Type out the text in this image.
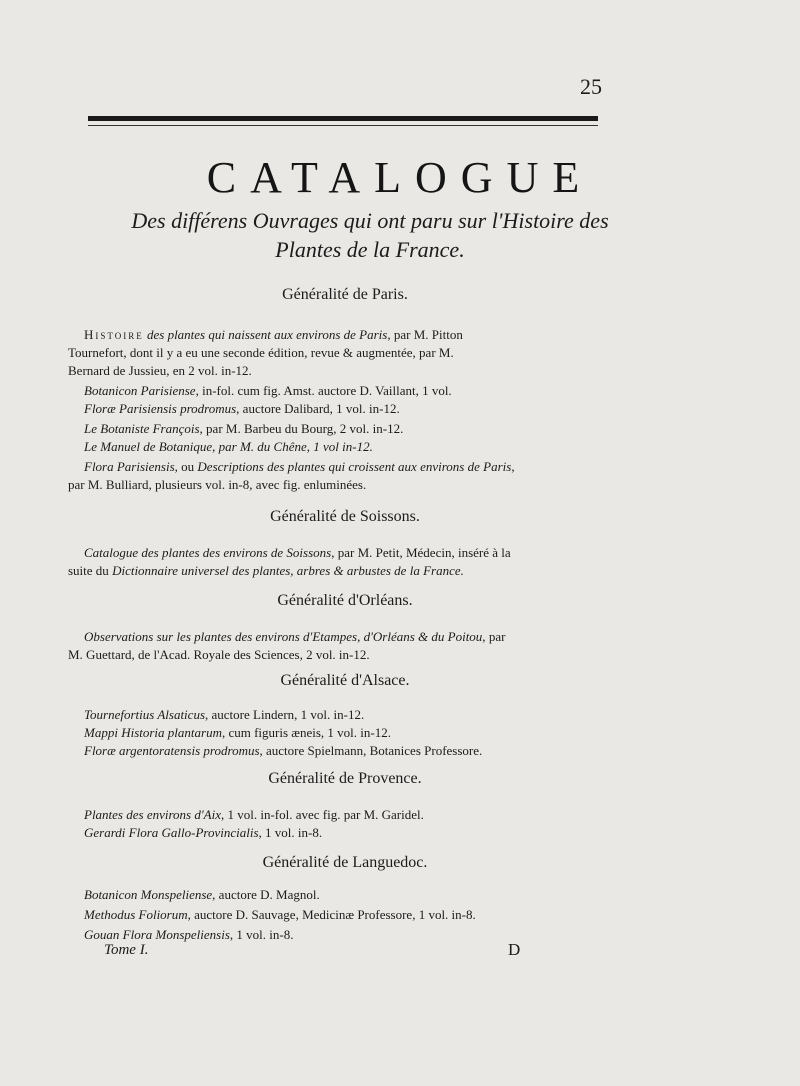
25
CATALOGUE
Des différens Ouvrages qui ont paru sur l'Histoire des
Plantes de la France.
Généralité de Paris.
Histoire des plantes qui naissent aux environs de Paris, par M. Pitton
Tournefort, dont il y a eu une seconde édition, revue & augmentée, par M.
Bernard de Jussieu, en 2 vol. in-12.
Botanicon Parisiense, in-fol. cum fig. Amst. auctore D. Vaillant, 1 vol.
Floræ Parisiensis prodromus, auctore Dalibard, 1 vol. in-12.
Le Botaniste François, par M. Barbeu du Bourg, 2 vol. in-12.
Le Manuel de Botanique, par M. du Chêne, 1 vol in-12.
Flora Parisiensis, ou Descriptions des plantes qui croissent aux environs de Paris,
par M. Bulliard, plusieurs vol. in-8, avec fig. enluminées.
Généralité de Soissons.
Catalogue des plantes des environs de Soissons, par M. Petit, Médecin, inséré à la
suite du Dictionnaire universel des plantes, arbres & arbustes de la France.
Généralité d'Orléans.
Observations sur les plantes des environs d'Etampes, d'Orléans & du Poitou, par
M. Guettard, de l'Acad. Royale des Sciences, 2 vol. in-12.
Généralité d'Alsace.
Tournefortius Alsaticus, auctore Lindern, 1 vol. in-12.
Mappi Historia plantarum, cum figuris æneis, 1 vol. in-12.
Floræ argentoratensis prodromus, auctore Spielmann, Botanices Professore.
Généralité de Provence.
Plantes des environs d'Aix, 1 vol. in-fol. avec fig. par M. Garidel.
Gerardi Flora Gallo-Provincialis, 1 vol. in-8.
Généralité de Languedoc.
Botanicon Monspeliense, auctore D. Magnol.
Methodus Foliorum, auctore D. Sauvage, Medicinæ Professore, 1 vol. in-8.
Gouan Flora Monspeliensis, 1 vol. in-8.
Tome I.	D
